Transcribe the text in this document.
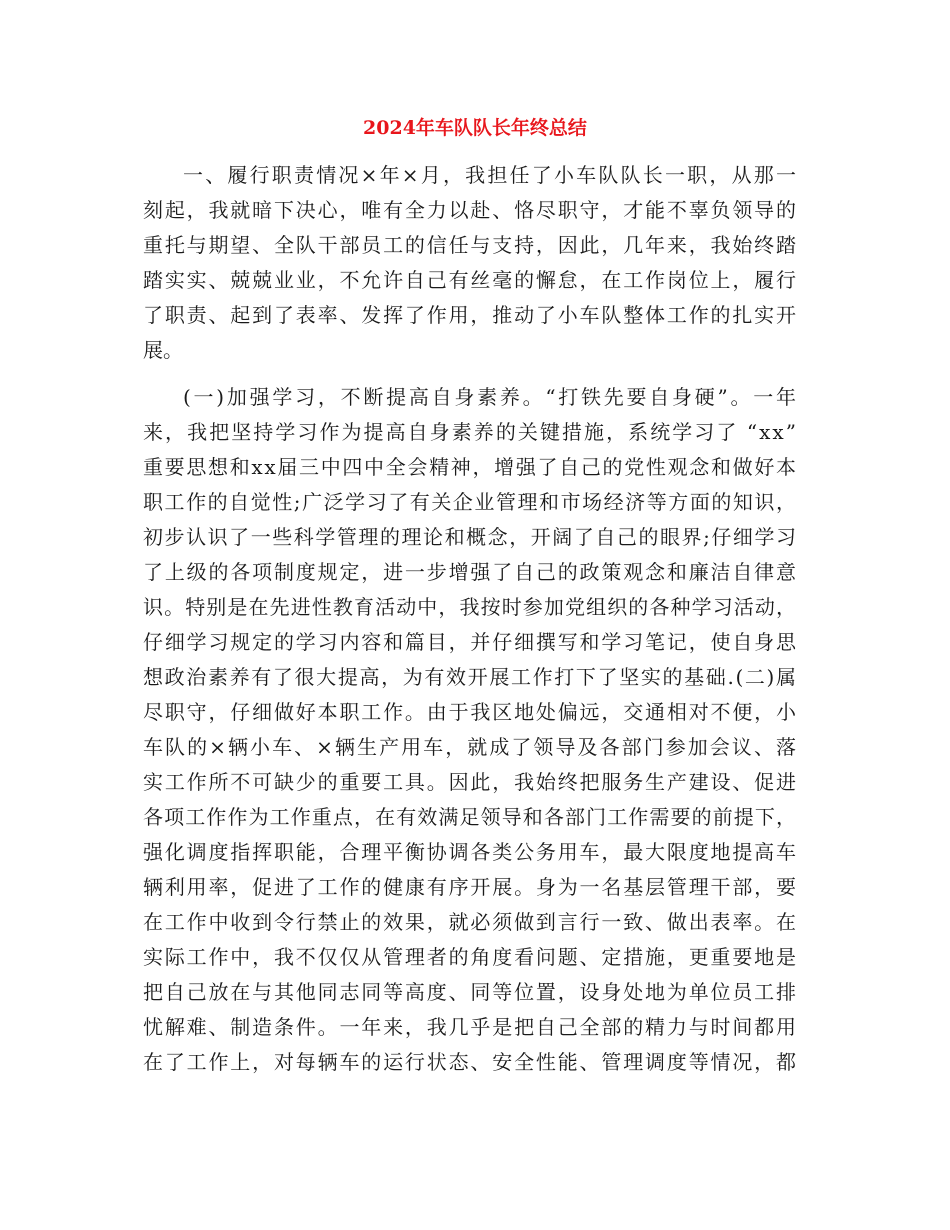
2024年车队队长年终总结

一、履行职责情况×年×月，我担任了小车队队长一职，从那一

刻起，我就暗下决心，唯有全力以赴、恪尽职守，才能不辜负领导的

重托与期望、全队干部员工的信任与支持，因此，几年来，我始终踏

踏实实、兢兢业业，不允许自己有丝毫的懈怠，在工作岗位上，履行

了职责、起到了表率、发挥了作用，推动了小车队整体工作的扎实开

展。

(一)加强学习，不断提高自身素养。“打铁先要自身硬”。一年

来，我把坚持学习作为提高自身素养的关键措施，系统学习了 “xx”

重要思想和xx届三中四中全会精神，增强了自己的党性观念和做好本

职工作的自觉性;广泛学习了有关企业管理和市场经济等方面的知识，

初步认识了一些科学管理的理论和概念，开阔了自己的眼界;仔细学习

了上级的各项制度规定，进一步增强了自己的政策观念和廉洁自律意

识。特别是在先进性教育活动中，我按时参加党组织的各种学习活动，

仔细学习规定的学习内容和篇目，并仔细撰写和学习笔记，使自身思

想政治素养有了很大提高，为有效开展工作打下了坚实的基础.(二)属

尽职守，仔细做好本职工作。由于我区地处偏远，交通相对不便，小

车队的×辆小车、×辆生产用车，就成了领导及各部门参加会议、落

实工作所不可缺少的重要工具。因此，我始终把服务生产建设、促进

各项工作作为工作重点，在有效满足领导和各部门工作需要的前提下，

强化调度指挥职能，合理平衡协调各类公务用车，最大限度地提高车

辆利用率，促进了工作的健康有序开展。身为一名基层管理干部，要

在工作中收到令行禁止的效果，就必须做到言行一致、做出表率。在

实际工作中，我不仅仅从管理者的角度看问题、定措施，更重要地是

把自己放在与其他同志同等高度、同等位置，设身处地为单位员工排

忧解难、制造条件。一年来，我几乎是把自己全部的精力与时间都用

在了工作上，对每辆车的运行状态、安全性能、管理调度等情况，都
